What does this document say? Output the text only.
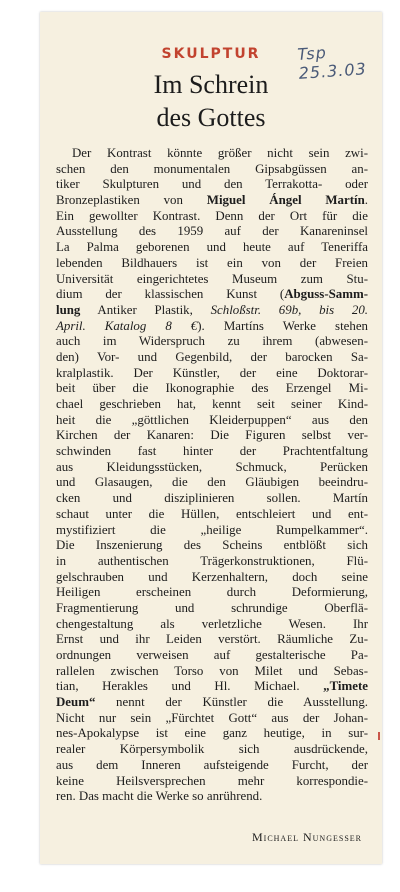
Tsp 25.3.03
SKULPTUR
Im Schrein
des Gottes
Der Kontrast könnte größer nicht sein zwi-
schen den monumentalen Gipsabgüssen an-
tiker Skulpturen und den Terrakotta- oder
Bronzeplastiken von Miguel Ángel Martín.
Ein gewollter Kontrast. Denn der Ort für die
Ausstellung des 1959 auf der Kanareninsel
La Palma geborenen und heute auf Teneriffa
lebenden Bildhauers ist ein von der Freien
Universität eingerichtetes Museum zum Stu-
dium der klassischen Kunst (Abguss-Samm-
lung Antiker Plastik, Schloßstr. 69b, bis 20.
April. Katalog 8 €). Martíns Werke stehen
auch im Widerspruch zu ihrem (abwesen-
den) Vor- und Gegenbild, der barocken Sa-
kralplastik. Der Künstler, der eine Doktorar-
beit über die Ikonographie des Erzengel Mi-
chael geschrieben hat, kennt seit seiner Kind-
heit die „göttlichen Kleiderpuppen“ aus den
Kirchen der Kanaren: Die Figuren selbst ver-
schwinden fast hinter der Prachtentfaltung
aus Kleidungsstücken, Schmuck, Perücken
und Glasaugen, die den Gläubigen beeindru-
cken und disziplinieren sollen. Martín
schaut unter die Hüllen, entschleiert und ent-
mystifiziert die „heilige Rumpelkammer“.
Die Inszenierung des Scheins entblößt sich
in authentischen Trägerkonstruktionen, Flü-
gelschrauben und Kerzenhaltern, doch seine
Heiligen erscheinen durch Deformierung,
Fragmentierung und schrundige Oberflä-
chengestaltung als verletzliche Wesen. Ihr
Ernst und ihr Leiden verstört. Räumliche Zu-
ordnungen verweisen auf gestalterische Pa-
rallelen zwischen Torso von Milet und Sebas-
tian, Herakles und Hl. Michael. „Timete
Deum“ nennt der Künstler die Ausstellung.
Nicht nur sein „Fürchtet Gott“ aus der Johan-
nes-Apokalypse ist eine ganz heutige, in sur-
realer Körpersymbolik sich ausdrückende,
aus dem Inneren aufsteigende Furcht, der
keine Heilsversprechen mehr korrespondie-
ren. Das macht die Werke so anrührend.
Michael Nungesser
